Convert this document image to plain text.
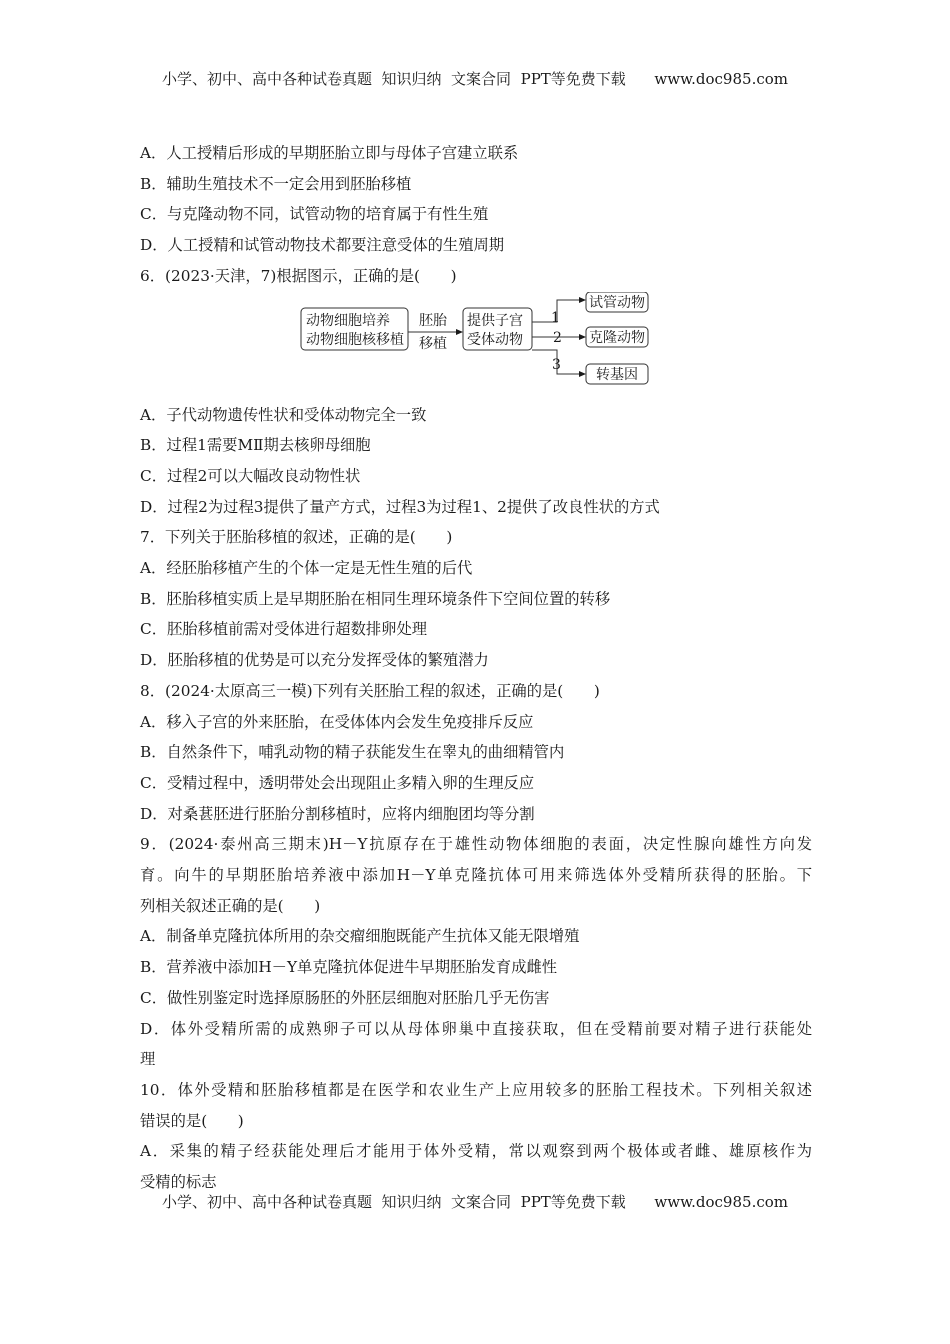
小学、初中、高中各种试卷真题  知识归纳  文案合同  PPT等免费下载      www.doc985.com
A．人工授精后形成的早期胚胎立即与母体子宫建立联系
B．辅助生殖技术不一定会用到胚胎移植
C．与克隆动物不同，试管动物的培育属于有性生殖
D．人工授精和试管动物技术都要注意受体的生殖周期
6．(2023·天津，7)根据图示，正确的是(　　)
动物细胞培养
动物细胞核移植
胚胎
移植
提供子宫
受体动物
1
2
3
试管动物
克隆动物
转基因
A．子代动物遗传性状和受体动物完全一致
B．过程1需要MⅡ期去核卵母细胞
C．过程2可以大幅改良动物性状
D．过程2为过程3提供了量产方式，过程3为过程1、2提供了改良性状的方式
7．下列关于胚胎移植的叙述，正确的是(　　)
A．经胚胎移植产生的个体一定是无性生殖的后代
B．胚胎移植实质上是早期胚胎在相同生理环境条件下空间位置的转移
C．胚胎移植前需对受体进行超数排卵处理
D．胚胎移植的优势是可以充分发挥受体的繁殖潜力
8．(2024·太原高三一模)下列有关胚胎工程的叙述，正确的是(　　)
A．移入子宫的外来胚胎，在受体体内会发生免疫排斥反应
B．自然条件下，哺乳动物的精子获能发生在睾丸的曲细精管内
C．受精过程中，透明带处会出现阻止多精入卵的生理反应
D．对桑葚胚进行胚胎分割移植时，应将内细胞团均等分割
9．(2024·泰州高三期末)H－Y抗原存在于雄性动物体细胞的表面，决定性腺向雄性方向发
育。向牛的早期胚胎培养液中添加H－Y单克隆抗体可用来筛选体外受精所获得的胚胎。下
列相关叙述正确的是(　　)
A．制备单克隆抗体所用的杂交瘤细胞既能产生抗体又能无限增殖
B．营养液中添加H－Y单克隆抗体促进牛早期胚胎发育成雌性
C．做性别鉴定时选择原肠胚的外胚层细胞对胚胎几乎无伤害
D．体外受精所需的成熟卵子可以从母体卵巢中直接获取，但在受精前要对精子进行获能处
理
10．体外受精和胚胎移植都是在医学和农业生产上应用较多的胚胎工程技术。下列相关叙述
错误的是(　　)
A．采集的精子经获能处理后才能用于体外受精，常以观察到两个极体或者雌、雄原核作为
受精的标志
小学、初中、高中各种试卷真题  知识归纳  文案合同  PPT等免费下载      www.doc985.com
